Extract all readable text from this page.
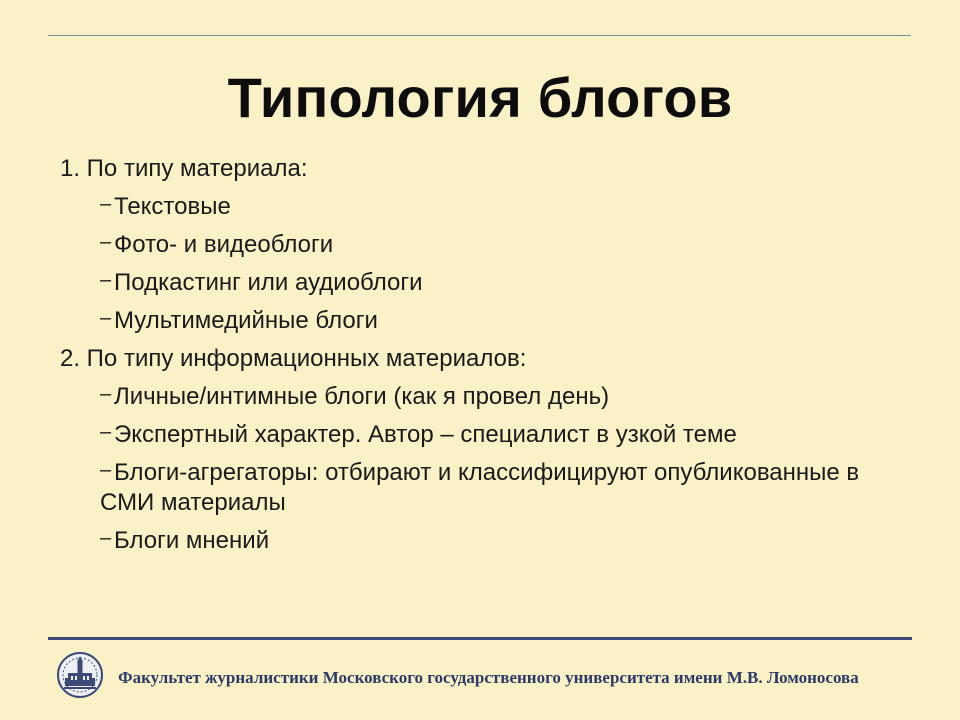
Типология блогов

1. По типу материала:

– Текстовые
– Фото- и видеоблоги
– Подкастинг или аудиоблоги
– Мультимедийные блоги

2. По типу информационных материалов:

– Личные/интимные блоги (как я провел день)
– Экспертный характер. Автор – специалист в узкой теме
– Блоги-агрегаторы: отбирают и классифицируют опубликованные в СМИ материалы
– Блоги мнений
Факультет журналистики Московского государственного университета имени М.В. Ломоносова
